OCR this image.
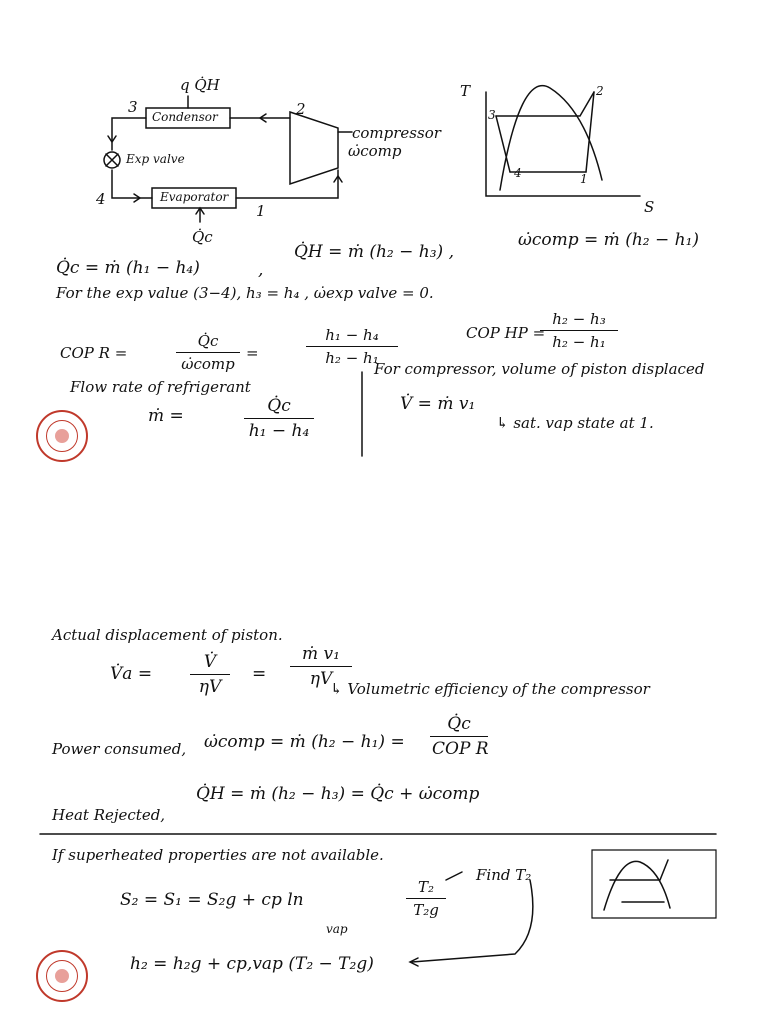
q Q̇H
Condensor
Evaporator
Exp valve
compressor
ω̇comp
Q̇c
1
2
3
4
T
S
1
2
3
4
Q̇c = ṁ (h₁ − h₄)	,
Q̇H = ṁ (h₂ − h₃) ,
ω̇comp = ṁ (h₂ − h₁)
For the exp value (3−4), h₃ = h₄ , ω̇exp valve = 0.
COP R =
Q̇c
ω̇comp
=
h₁ − h₄
h₂ − h₁
COP HP =
h₂ − h₃
h₂ − h₁
Flow rate of refrigerant
ṁ =	Q̇c
h₁ − h₄
For compressor, volume of piston displaced
V̇ = ṁ v₁
↳ sat. vap state at 1.
Actual displacement of piston.
V̇a =
V̇
ηV
=
ṁ v₁
ηV
↳ Volumetric efficiency of the compressor
Power consumed, ω̇comp = ṁ (h₂ − h₁) =
Q̇c
COP R
Heat Rejected,
Q̇H = ṁ (h₂ − h₃) = Q̇c + ω̇comp
If superheated properties are not available.
Find T₂
S₂ = S₁ = S₂g + cp ln
T₂
T₂g
vap
h₂ = h₂g + cp,vap (T₂ − T₂g)
